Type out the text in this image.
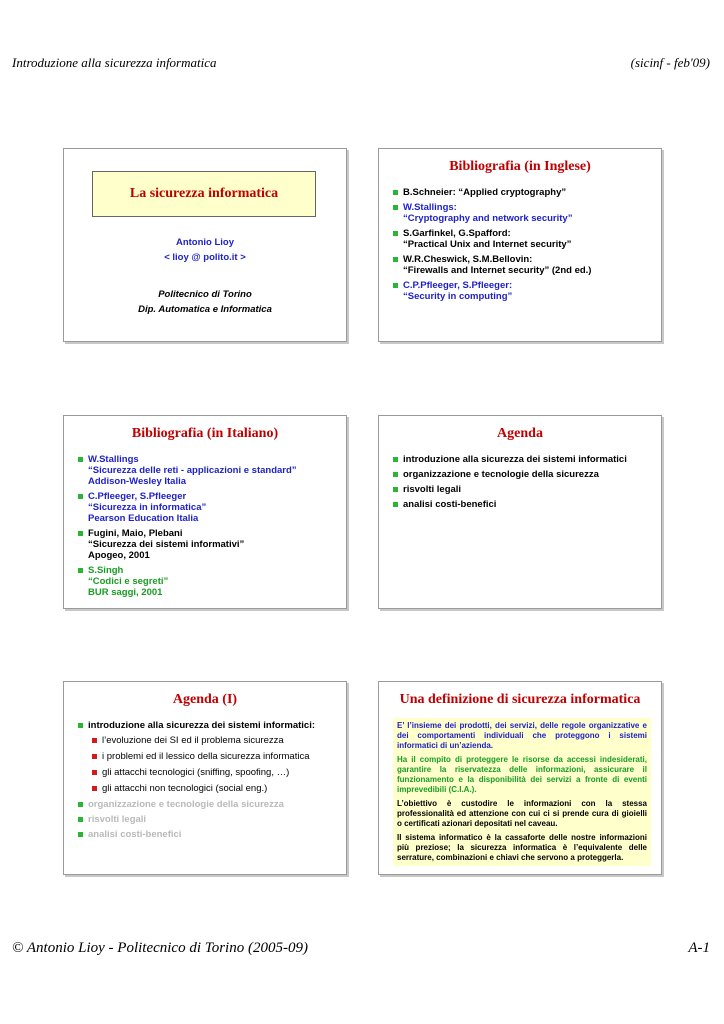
Introduzione alla sicurezza informatica	(sicinf - feb'09)
La sicurezza informatica
Antonio Lioy
< lioy @ polito.it >
Politecnico di Torino
Dip. Automatica e Informatica
Bibliografia (in Inglese)
B.Schneier: “Applied cryptography”
W.Stallings:
“Cryptography and network security”
S.Garfinkel, G.Spafford:
“Practical Unix and Internet security”
W.R.Cheswick, S.M.Bellovin:
“Firewalls and Internet security” (2nd ed.)
C.P.Pfleeger, S.Pfleeger:
“Security in computing”
Bibliografia (in Italiano)
W.Stallings
“Sicurezza delle reti - applicazioni e standard”
Addison-Wesley Italia
C.Pfleeger, S.Pfleeger
“Sicurezza in informatica”
Pearson Education Italia
Fugini, Maio, Plebani
“Sicurezza dei sistemi informativi”
Apogeo, 2001
S.Singh
“Codici e segreti”
BUR saggi, 2001
Agenda
introduzione alla sicurezza dei sistemi informatici
organizzazione e tecnologie della sicurezza
risvolti legali
analisi costi-benefici
Agenda (I)
introduzione alla sicurezza dei sistemi informatici:
l’evoluzione dei SI ed il problema sicurezza
i problemi ed il lessico della sicurezza informatica
gli attacchi tecnologici (sniffing, spoofing, …)
gli attacchi non tecnologici (social eng.)
organizzazione e tecnologie della sicurezza
risvolti legali
analisi costi-benefici
Una definizione di sicurezza informatica

E’ l’insieme dei prodotti, dei servizi, delle regole organizzative e dei comportamenti individuali che proteggono i sistemi informatici di un’azienda.

Ha il compito di proteggere le risorse da accessi indesiderati, garantire la riservatezza delle informazioni, assicurare il funzionamento e la disponibilità dei servizi a fronte di eventi imprevedibili (C.I.A.).

L’obiettivo è custodire le informazioni con la stessa professionalità ed attenzione con cui ci si prende cura di gioielli o certificati azionari depositati nel caveau.

Il sistema informatico è la cassaforte delle nostre informazioni più preziose; la sicurezza informatica è l’equivalente delle serrature, combinazioni e chiavi che servono a proteggerla.

© Antonio Lioy - Politecnico di Torino (2005-09)	A-1
